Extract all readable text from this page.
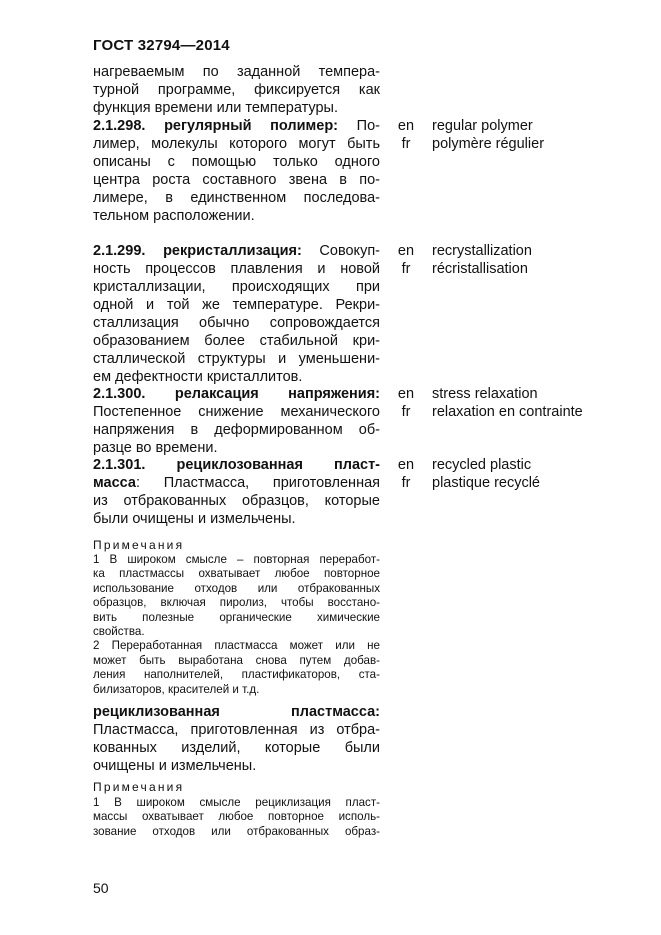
ГОСТ 32794—2014
нагреваемым по заданной темпера-
турной программе, фиксируется как
функция времени или температуры.
2.1.298. регулярный полимер: По-
лимер, молекулы которого могут быть
описаны с помощью только одного
центра роста составного звена в по-
лимере, в единственном последова-
тельном расположении.
en
fr
regular polymer
polymère régulier
2.1.299. рекристаллизация: Совокуп-
ность процессов плавления и новой
кристаллизации, происходящих при
одной и той же температуре. Рекри-
сталлизация обычно сопровождается
образованием более стабильной кри-
сталлической структуры и уменьшени-
ем дефектности кристаллитов.
en
fr
recrystallization
récristallisation
2.1.300. релаксация напряжения:
Постепенное снижение механического
напряжения в деформированном об-
разце во времени.
en
fr
stress relaxation
relaxation en contrainte
2.1.301. рециклозованная пласт-
масса: Пластмасса, приготовленная
из отбракованных образцов, которые
были очищены и измельчены.
en
fr
recycled plastic
plastique recyclé
Примечания
1 В широком смысле – повторная переработ-
ка пластмассы охватывает любое повторное
использование отходов или отбракованных
образцов, включая пиролиз, чтобы восстано-
вить полезные органические химические
свойства.
2 Переработанная пластмасса может или не
может быть выработана снова путем добав-
ления наполнителей, пластификаторов, ста-
билизаторов, красителей и т.д.
рециклизованная пластмасса:
Пластмасса, приготовленная из отбра-
кованных изделий, которые были
очищены и измельчены.
Примечания
1 В широком смысле рециклизация пласт-
массы охватывает любое повторное исполь-
зование отходов или отбракованных образ-
50
